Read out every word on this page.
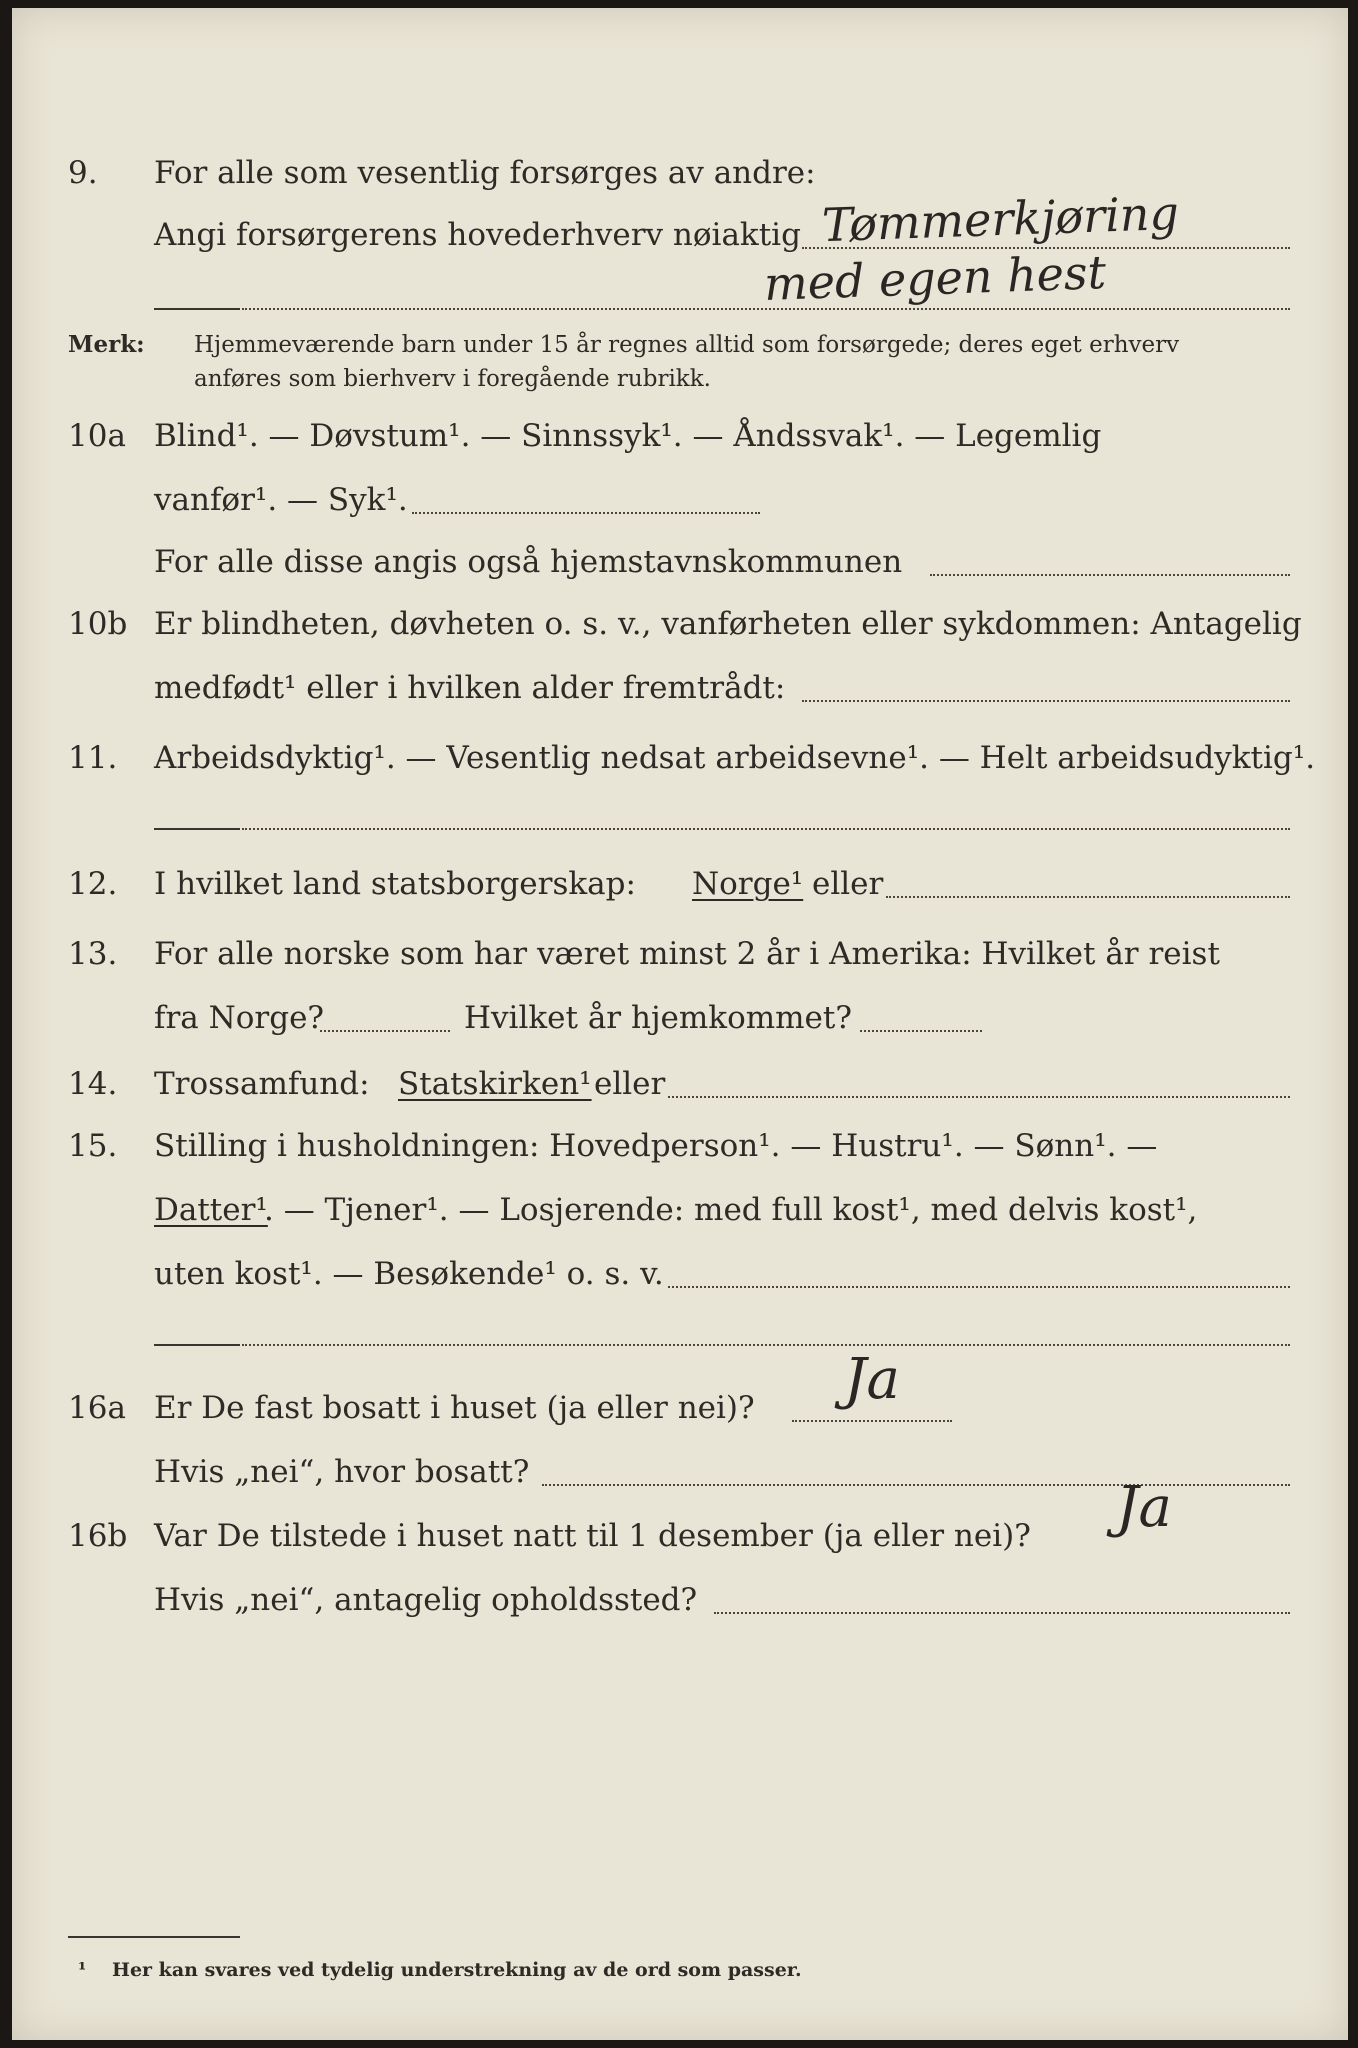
9. For alle som vesentlig forsørges av andre:
Angi forsørgerens hovederhverv nøiaktig Tømmerkjøring
med egen hest
Merk: Hjemmeværende barn under 15 år regnes alltid som forsørgede; deres eget erhverv
anføres som bierhverv i foregående rubrikk.
10a Blind¹. — Døvstum¹. — Sinnssyk¹. — Åndssvak¹. — Legemlig
vanfør¹. — Syk¹.
For alle disse angis også hjemstavnskommunen
10b Er blindheten, døvheten o. s. v., vanførheten eller sykdommen: Antagelig
medfødt¹ eller i hvilken alder fremtrådt:
11. Arbeidsdyktig¹. — Vesentlig nedsat arbeidsevne¹. — Helt arbeidsudyktig¹.
12. I hvilket land statsborgerskap: Norge¹ eller
13. For alle norske som har været minst 2 år i Amerika: Hvilket år reist
fra Norge?	Hvilket år hjemkommet?
14. Trossamfund: Statskirken¹ eller
15. Stilling i husholdningen: Hovedperson¹. — Hustru¹. — Sønn¹. —
Datter¹
. — Tjener¹. — Losjerende: med full kost¹, med delvis kost¹,
uten kost¹. — Besøkende¹ o. s. v.
16a Er De fast bosatt i huset (ja eller nei)? Ja
Hvis „nei“, hvor bosatt?
16b Var De tilstede i huset natt til 1 desember (ja eller nei)? Ja
Hvis „nei“, antagelig opholdssted?
¹ Her kan svares ved tydelig understrekning av de ord som passer.
